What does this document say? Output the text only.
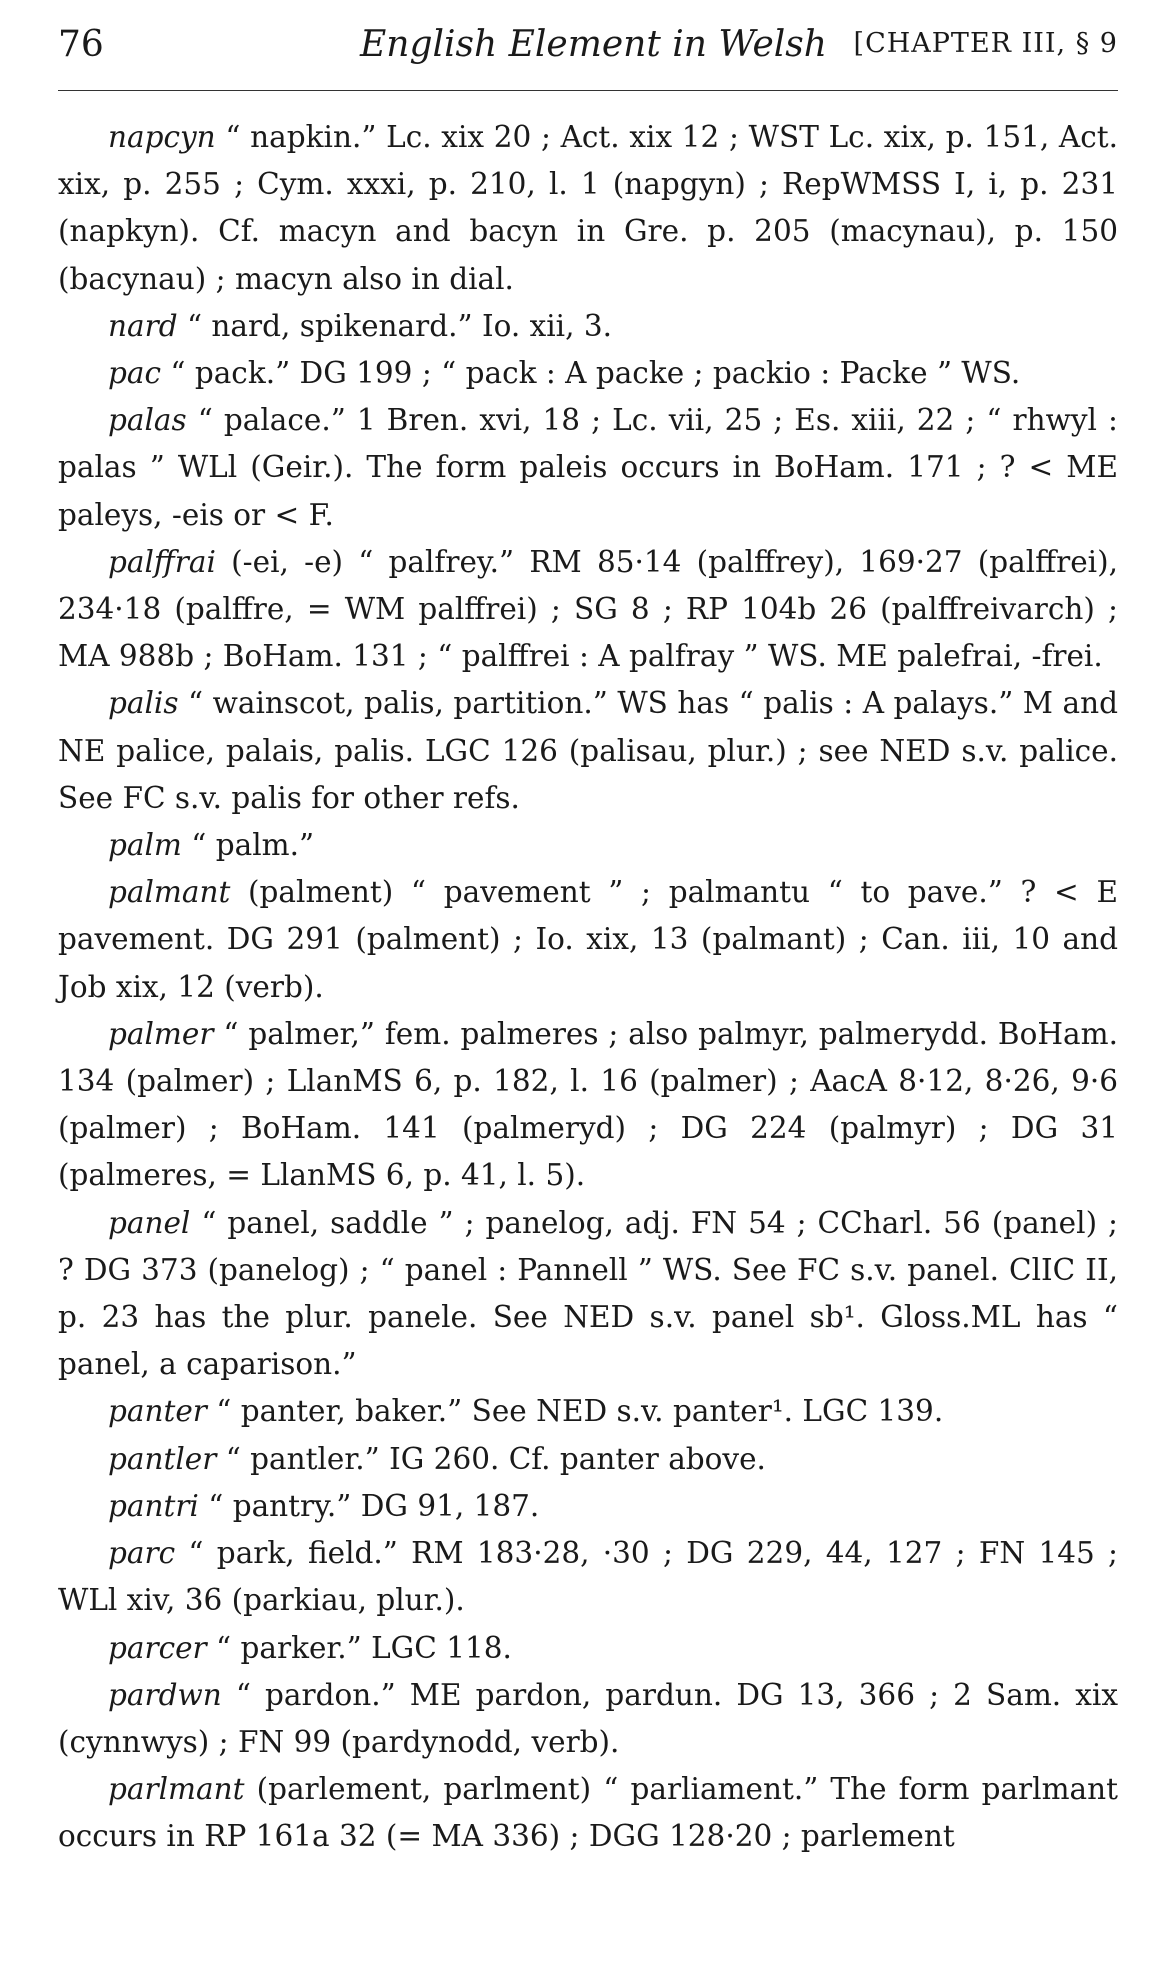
76	English Element in Welsh [CHAPTER III, § 9

napcyn “ napkin.” Lc. xix 20 ; Act. xix 12 ; WST Lc. xix, p. 151, Act. xix, p. 255 ; Cym. xxxi, p. 210, l. 1 (napgyn) ; RepWMSS I, i, p. 231 (napkyn). Cf. macyn and bacyn in Gre. p. 205 (macynau), p. 150 (bacynau) ; macyn also in dial.

nard “ nard, spikenard.” Io. xii, 3.

pac “ pack.” DG 199 ; “ pack : A packe ; packio : Packe ” WS.

palas “ palace.” 1 Bren. xvi, 18 ; Lc. vii, 25 ; Es. xiii, 22 ; “ rhwyl : palas ” WLl (Geir.). The form paleis occurs in BoHam. 171 ; ? < ME paleys, -eis or < F.

palffrai (-ei, -e) “ palfrey.” RM 85·14 (palffrey), 169·27 (palffrei), 234·18 (palffre, = WM palffrei) ; SG 8 ; RP 104b 26 (palffreivarch) ; MA 988b ; BoHam. 131 ; “ palffrei : A palfray ” WS. ME palefrai, -frei.

palis “ wainscot, palis, partition.” WS has “ palis : A palays.” M and NE palice, palais, palis. LGC 126 (palisau, plur.) ; see NED s.v. palice. See FC s.v. palis for other refs.

palm “ palm.”

palmant (palment) “ pavement ” ; palmantu “ to pave.” ? < E pavement. DG 291 (palment) ; Io. xix, 13 (palmant) ; Can. iii, 10 and Job xix, 12 (verb).

palmer “ palmer,” fem. palmeres ; also palmyr, palmerydd. BoHam. 134 (palmer) ; LlanMS 6, p. 182, l. 16 (palmer) ; AacA 8·12, 8·26, 9·6 (palmer) ; BoHam. 141 (palmeryd) ; DG 224 (palmyr) ; DG 31 (palmeres, = LlanMS 6, p. 41, l. 5).

panel “ panel, saddle ” ; panelog, adj. FN 54 ; CCharl. 56 (panel) ; ? DG 373 (panelog) ; “ panel : Pannell ” WS. See FC s.v. panel. ClIC II, p. 23 has the plur. panele. See NED s.v. panel sb¹. Gloss.ML has “ panel, a caparison.”

panter “ panter, baker.” See NED s.v. panter¹. LGC 139.

pantler “ pantler.” IG 260. Cf. panter above.

pantri “ pantry.” DG 91, 187.

parc “ park, field.” RM 183·28, ·30 ; DG 229, 44, 127 ; FN 145 ; WLl xiv, 36 (parkiau, plur.).

parcer “ parker.” LGC 118.

pardwn “ pardon.” ME pardon, pardun. DG 13, 366 ; 2 Sam. xix (cynnwys) ; FN 99 (pardynodd, verb).

parlmant (parlement, parlment) “ parliament.” The form parlmant occurs in RP 161a 32 (= MA 336) ; DGG 128·20 ; parlement
